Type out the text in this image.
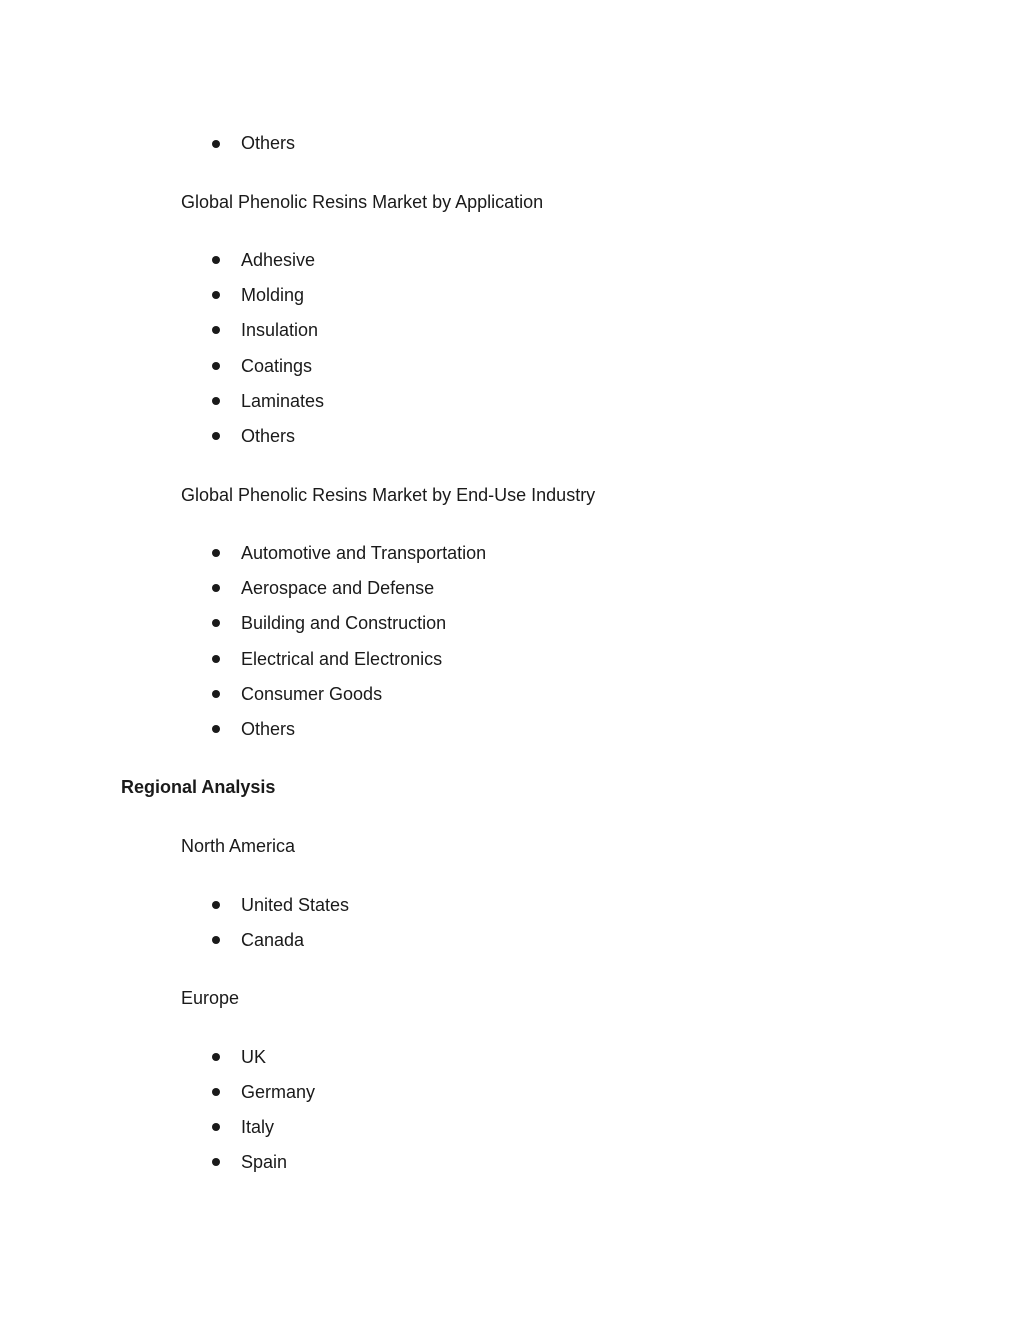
Others
Global Phenolic Resins Market by Application
Adhesive
Molding
Insulation
Coatings
Laminates
Others
Global Phenolic Resins Market by End-Use Industry
Automotive and Transportation
Aerospace and Defense
Building and Construction
Electrical and Electronics
Consumer Goods
Others
Regional Analysis
North America
United States
Canada
Europe
UK
Germany
Italy
Spain
